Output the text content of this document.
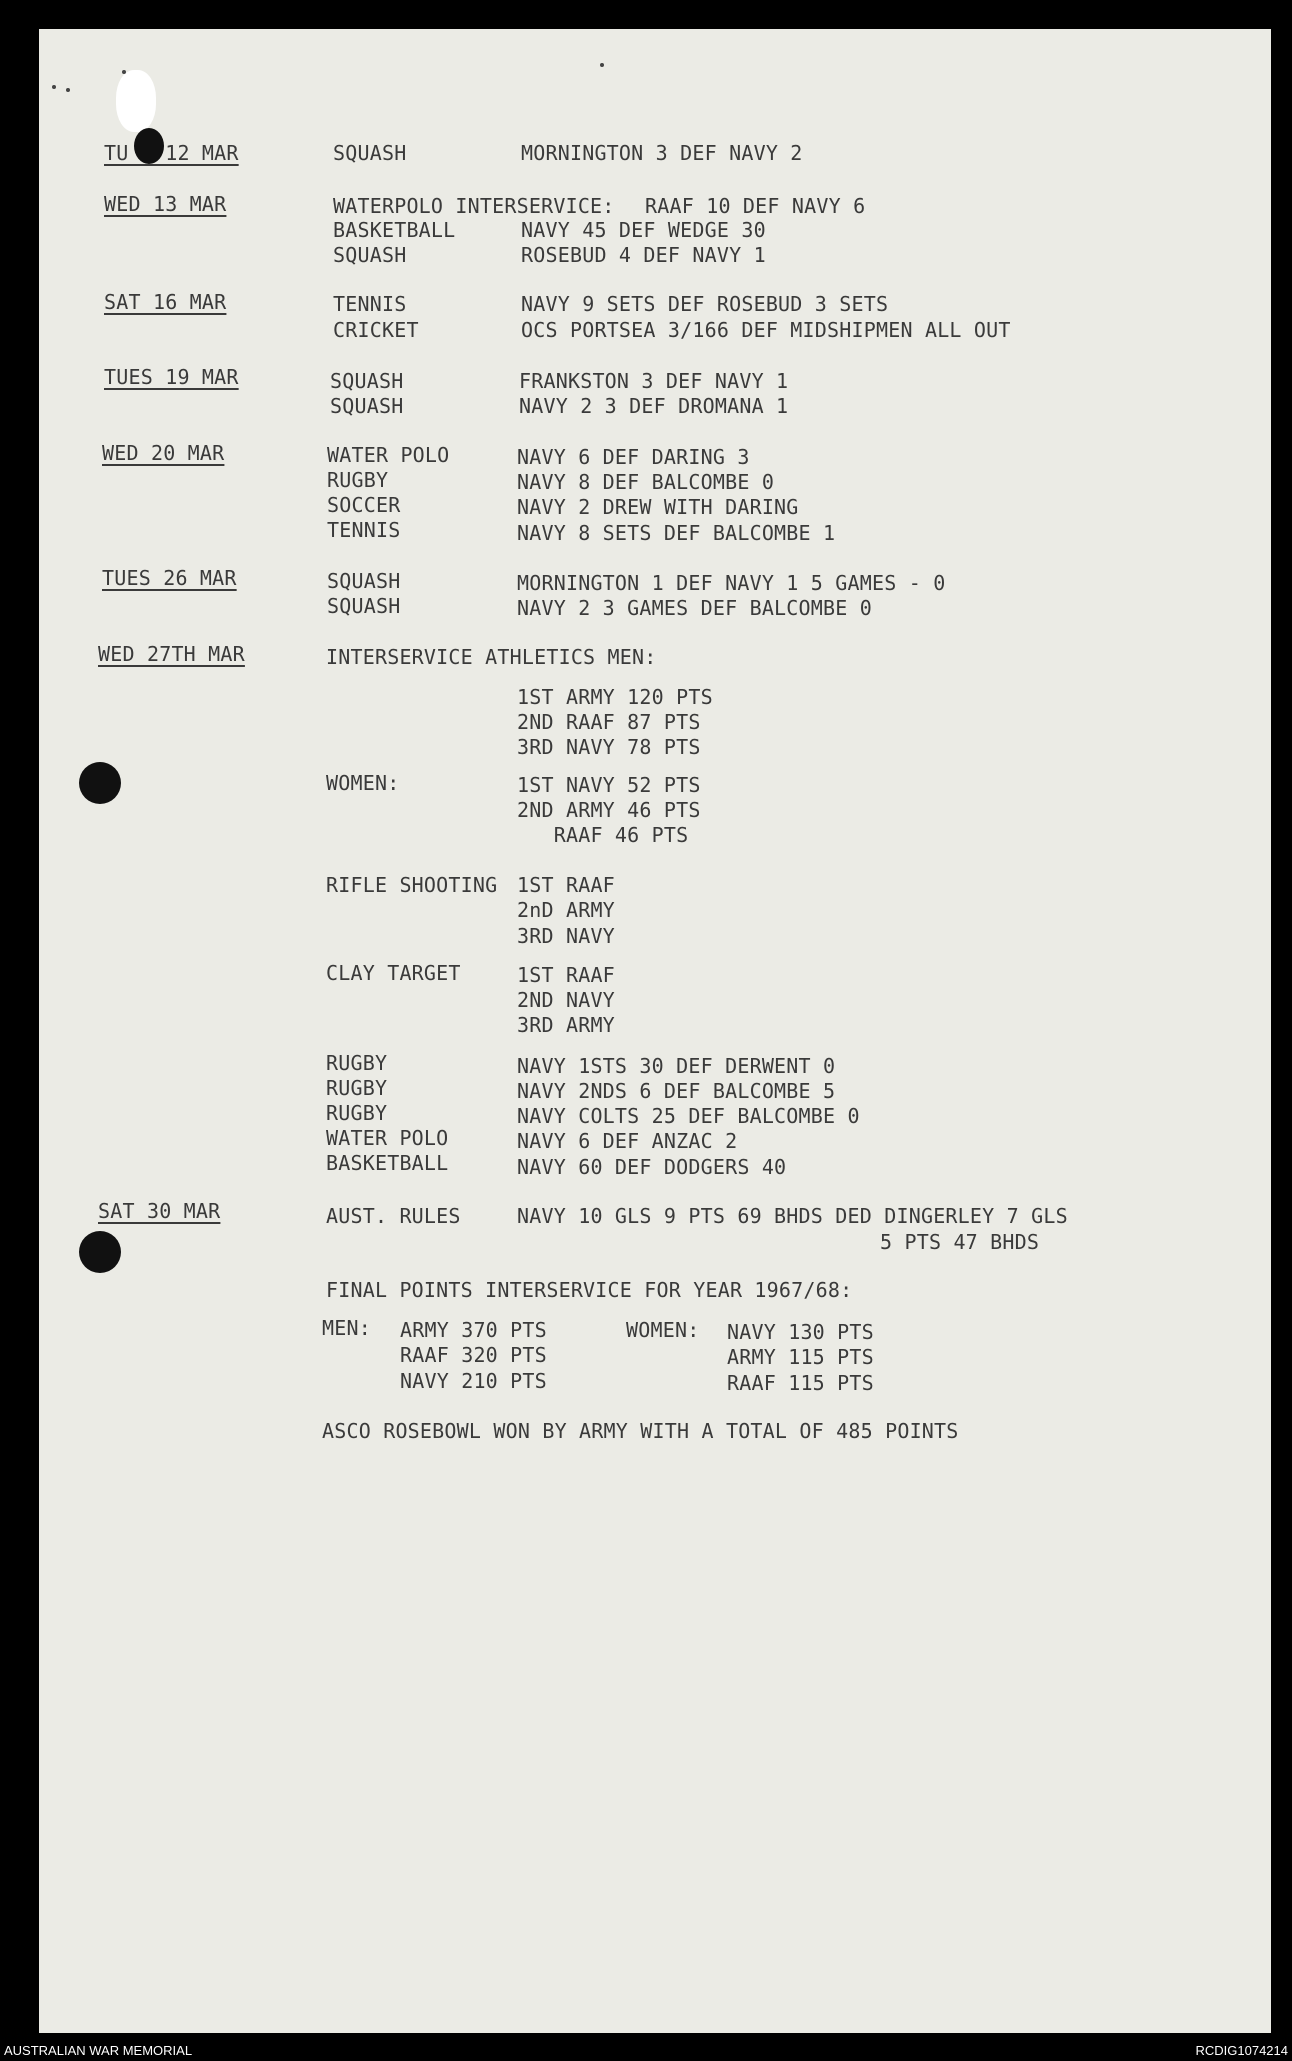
TU   12 MAR	SQUASH	MORNINGTON 3 DEF NAVY 2
WED 13 MAR	WATERPOLO INTERSERVICE: RAAF 10 DEF NAVY 6
BASKETBALL	NAVY 45 DEF WEDGE 30
SQUASH	ROSEBUD 4 DEF NAVY 1
SAT 16 MAR	TENNIS	NAVY 9 SETS DEF ROSEBUD 3 SETS
CRICKET	OCS PORTSEA 3/166 DEF MIDSHIPMEN ALL OUT
TUES 19 MAR	SQUASH	FRANKSTON 3 DEF NAVY 1
SQUASH	NAVY 2 3 DEF DROMANA 1
WED 20 MAR	WATER POLO	NAVY 6 DEF DARING 3
RUGBY	NAVY 8 DEF BALCOMBE 0
SOCCER	NAVY 2 DREW WITH DARING
TENNIS	NAVY 8 SETS DEF BALCOMBE 1
TUES 26 MAR	SQUASH	MORNINGTON 1 DEF NAVY 1 5 GAMES - 0
SQUASH	NAVY 2 3 GAMES DEF BALCOMBE 0
WED 27TH MAR	INTERSERVICE ATHLETICS MEN:
1ST ARMY 120 PTS
2ND RAAF 87 PTS
3RD NAVY 78 PTS
WOMEN:	1ST NAVY 52 PTS
2ND ARMY 46 PTS
RAAF 46 PTS
RIFLE SHOOTING 1ST RAAF
2nD ARMY
3RD NAVY
CLAY TARGET	1ST RAAF
2ND NAVY
3RD ARMY
RUGBY	NAVY 1STS 30 DEF DERWENT 0
RUGBY	NAVY 2NDS 6 DEF BALCOMBE 5
RUGBY	NAVY COLTS 25 DEF BALCOMBE 0
WATER POLO	NAVY 6 DEF ANZAC 2
BASKETBALL	NAVY 60 DEF DODGERS 40
SAT 30 MAR	AUST. RULES	NAVY 10 GLS 9 PTS 69 BHDS DED DINGERLEY 7 GLS
5 PTS 47 BHDS
FINAL POINTS INTERSERVICE FOR YEAR 1967/68:
MEN: ARMY 370 PTS
RAAF 320 PTS
NAVY 210 PTS
WOMEN: NAVY 130 PTS
ARMY 115 PTS
RAAF 115 PTS
ASCO ROSEBOWL WON BY ARMY WITH A TOTAL OF 485 POINTS
AUSTRALIAN WAR MEMORIAL	RCDIG1074214
